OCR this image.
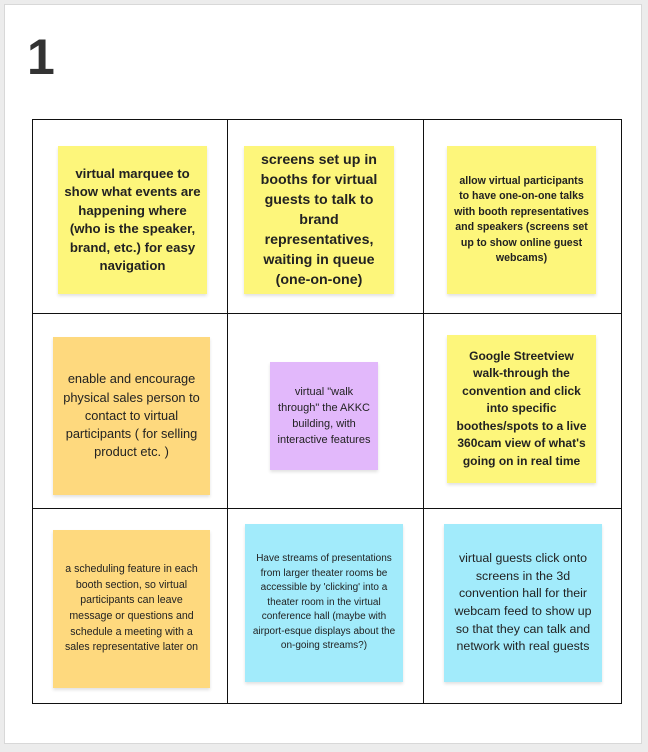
1
virtual marquee to show what events are happening where (who is the speaker, brand, etc.) for easy navigation
screens set up in booths for virtual guests to talk to brand representatives, waiting in queue (one-on-one)
allow virtual participants to have one-on-one talks with booth representatives and speakers (screens set up to show online guest webcams)
enable and encourage physical sales person to contact to virtual participants ( for selling product etc. )
virtual "walk through" the AKKC building, with interactive features
Google Streetview walk-through the convention and click into specific boothes/spots to a live 360cam view of what's going on in real time
a scheduling feature in each booth section, so virtual participants can leave message or questions and schedule a meeting with a sales representative later on
Have streams of presentations from larger theater rooms be accessible by 'clicking' into a theater room in the virtual conference hall (maybe with airport-esque displays about the on-going streams?)
virtual guests click onto screens in the 3d convention hall for their webcam feed to show up so that they can talk and network with real guests
